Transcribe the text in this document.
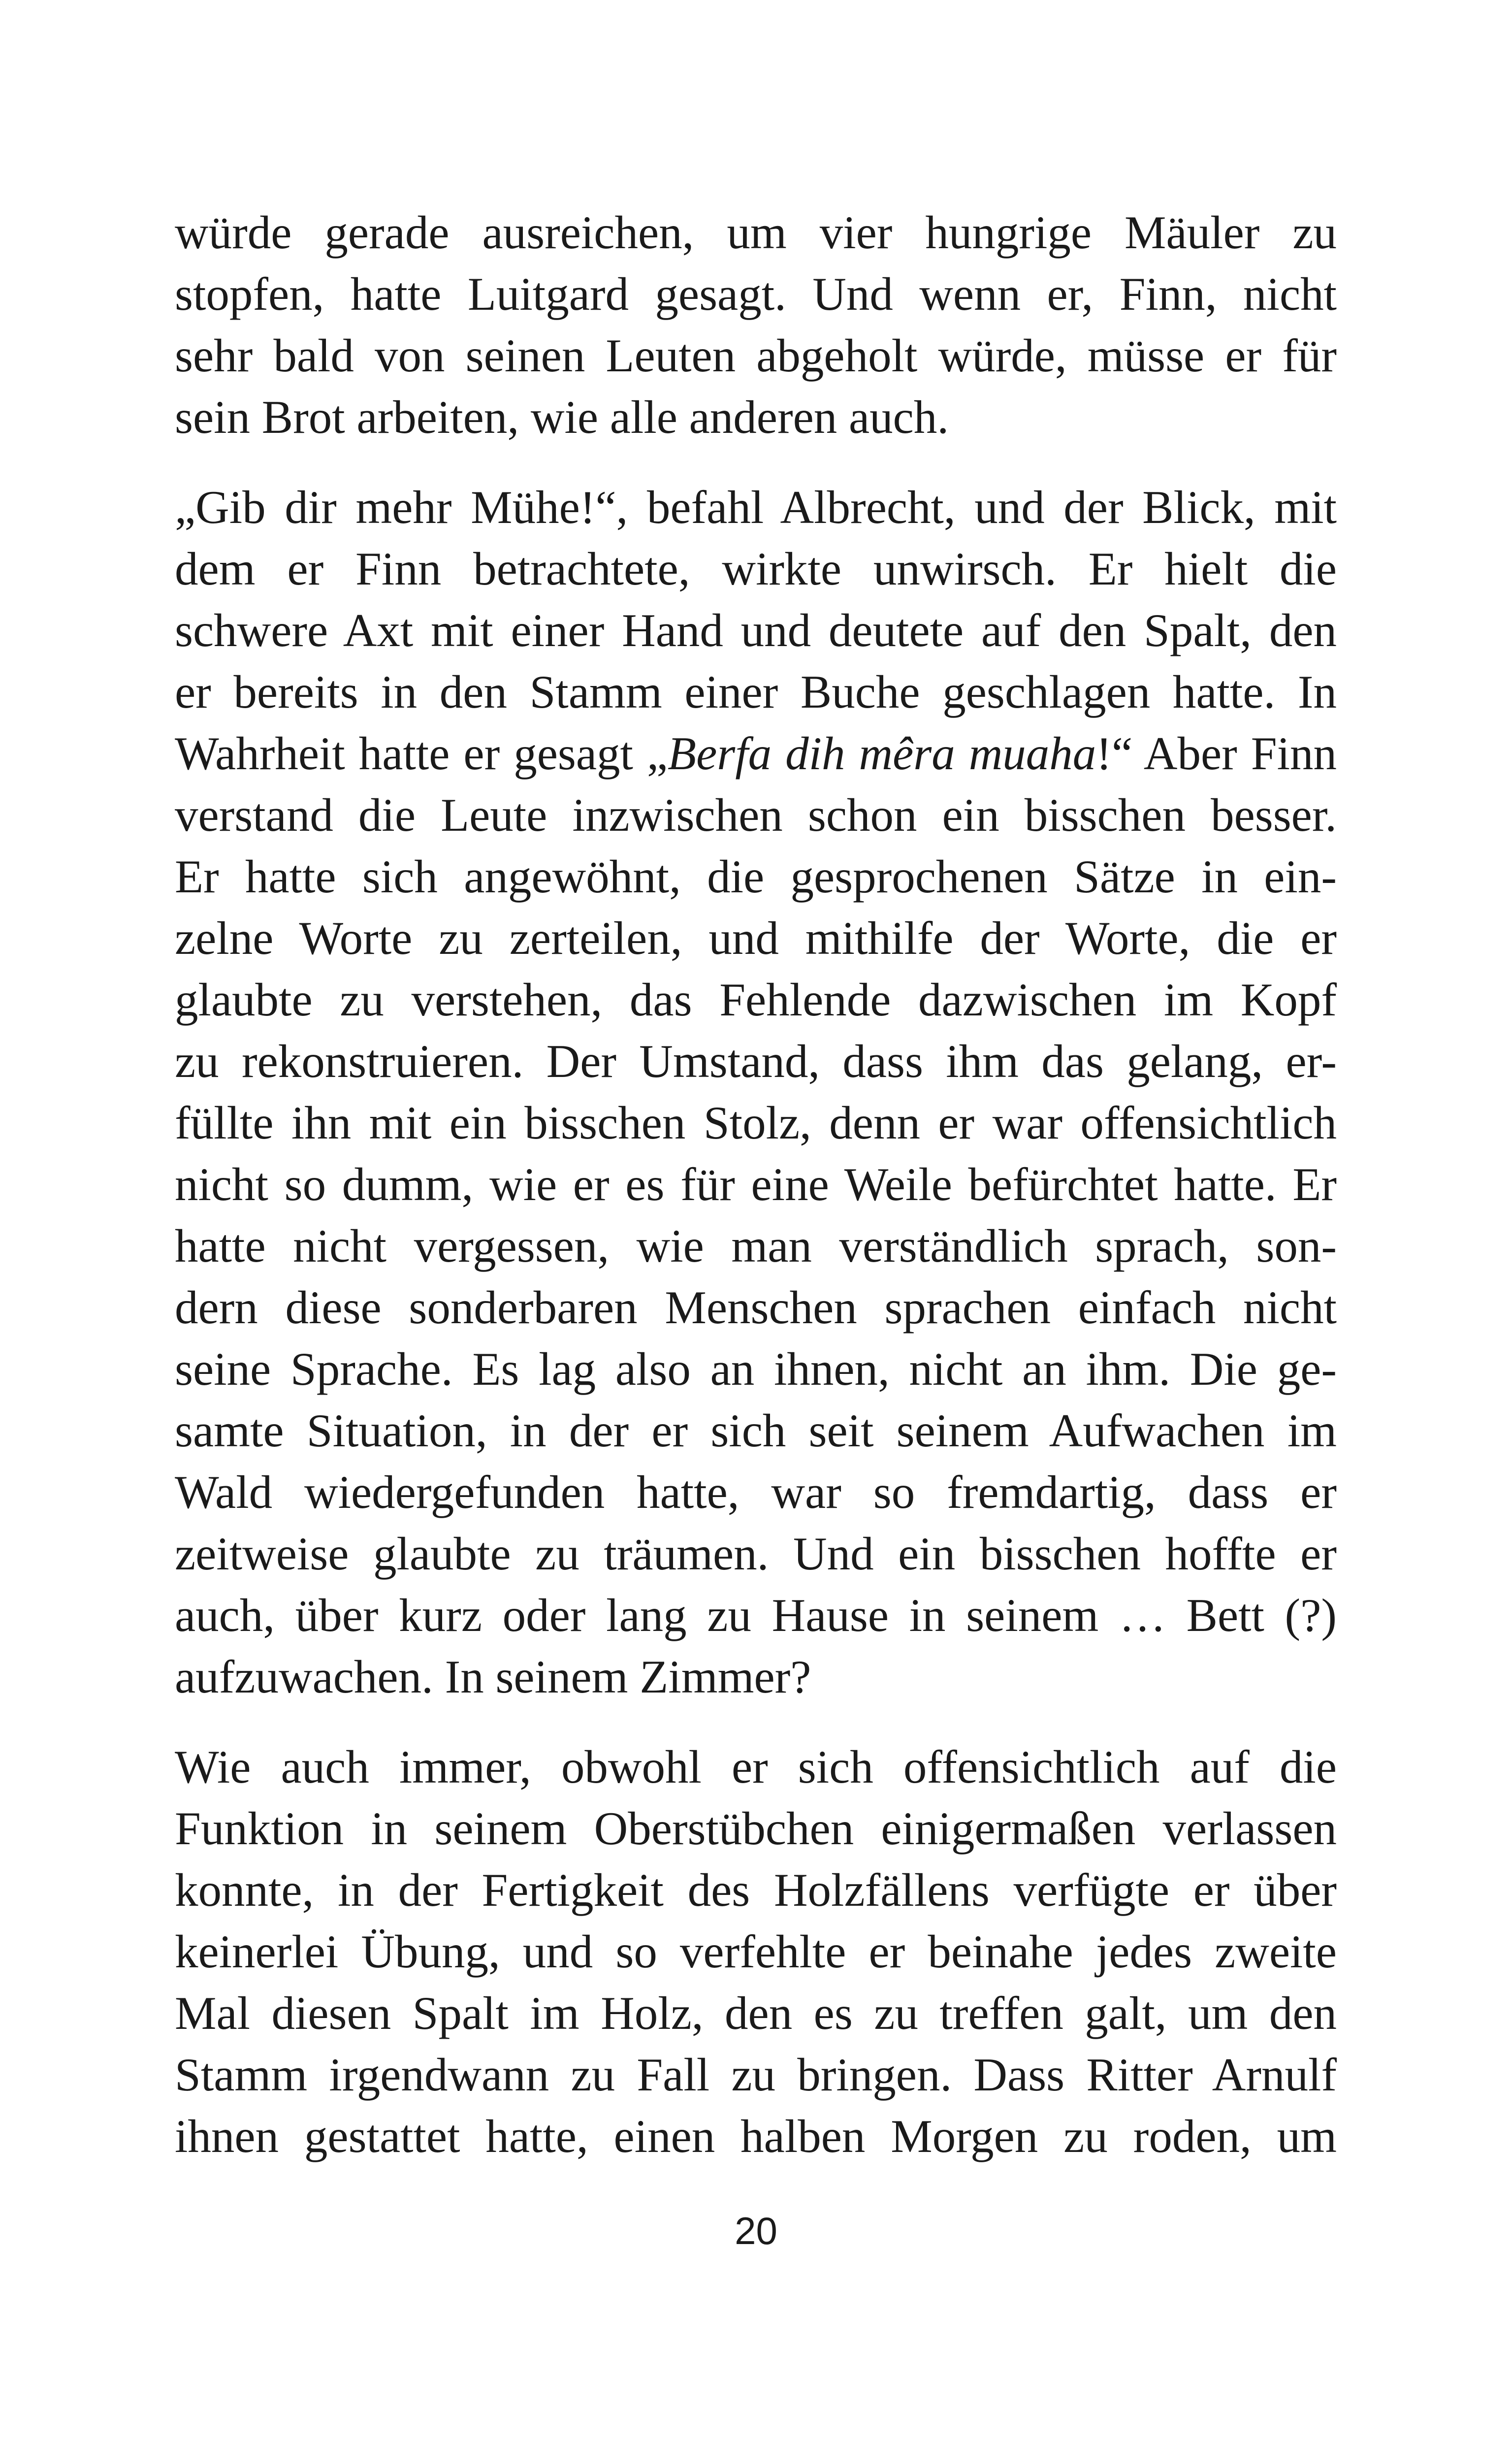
würde gerade ausreichen, um vier hungrige Mäuler zu
stopfen, hatte Luitgard gesagt. Und wenn er, Finn, nicht
sehr bald von seinen Leuten abgeholt würde, müsse er für
sein Brot arbeiten, wie alle anderen auch.
„Gib dir mehr Mühe!“, befahl Albrecht, und der Blick, mit
dem er Finn betrachtete, wirkte unwirsch. Er hielt die
schwere Axt mit einer Hand und deutete auf den Spalt, den
er bereits in den Stamm einer Buche geschlagen hatte. In
Wahrheit hatte er gesagt „Berfa dih mêra muaha!“ Aber Finn
verstand die Leute inzwischen schon ein bisschen besser.
Er hatte sich angewöhnt, die gesprochenen Sätze in ein-
zelne Worte zu zerteilen, und mithilfe der Worte, die er
glaubte zu verstehen, das Fehlende dazwischen im Kopf
zu rekonstruieren. Der Umstand, dass ihm das gelang, er-
füllte ihn mit ein bisschen Stolz, denn er war offensichtlich
nicht so dumm, wie er es für eine Weile befürchtet hatte. Er
hatte nicht vergessen, wie man verständlich sprach, son-
dern diese sonderbaren Menschen sprachen einfach nicht
seine Sprache. Es lag also an ihnen, nicht an ihm. Die ge-
samte Situation, in der er sich seit seinem Aufwachen im
Wald wiedergefunden hatte, war so fremdartig, dass er
zeitweise glaubte zu träumen. Und ein bisschen hoffte er
auch, über kurz oder lang zu Hause in seinem … Bett (?)
aufzuwachen. In seinem Zimmer?
Wie auch immer, obwohl er sich offensichtlich auf die
Funktion in seinem Oberstübchen einigermaßen verlassen
konnte, in der Fertigkeit des Holzfällens verfügte er über
keinerlei Übung, und so verfehlte er beinahe jedes zweite
Mal diesen Spalt im Holz, den es zu treffen galt, um den
Stamm irgendwann zu Fall zu bringen. Dass Ritter Arnulf
ihnen gestattet hatte, einen halben Morgen zu roden, um
20
